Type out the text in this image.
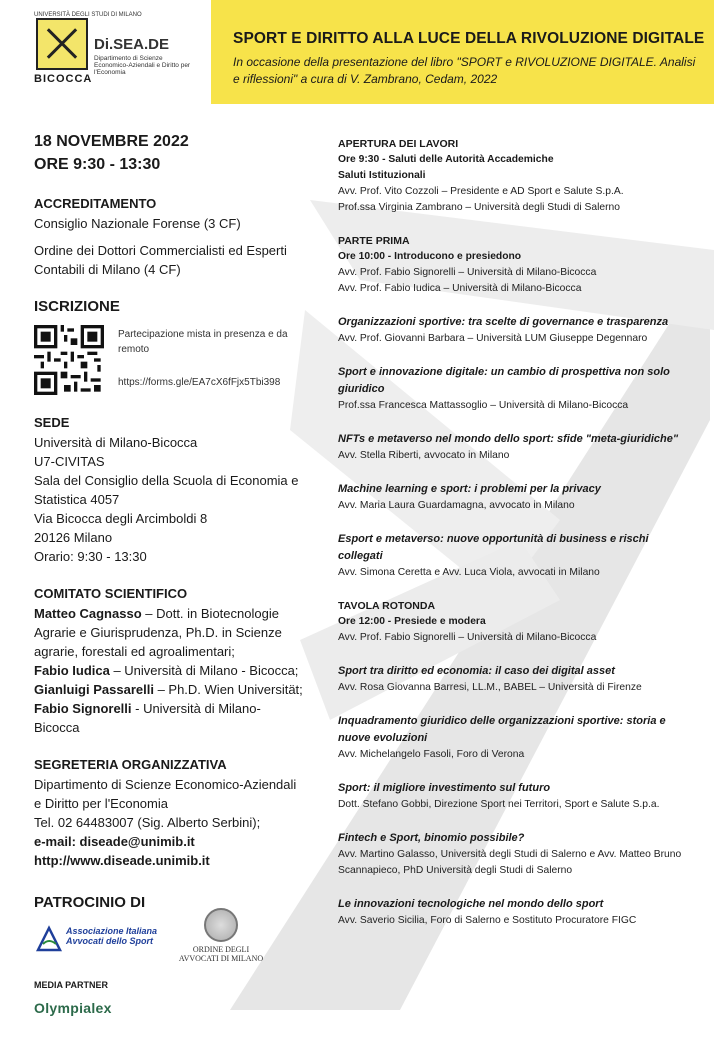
UNIVERSITÀ DEGLI STUDI DI MILANO
BICOCCA
Di.SEA.DE
Dipartimento di Scienze Economico-Aziendali e Diritto per l'Economia
SPORT E DIRITTO ALLA LUCE DELLA RIVOLUZIONE DIGITALE
In occasione della presentazione del libro "SPORT e RIVOLUZIONE DIGITALE. Analisi e riflessioni" a cura di V. Zambrano, Cedam, 2022
18 NOVEMBRE 2022
ORE 9:30 - 13:30
ACCREDITAMENTO

Consiglio Nazionale Forense (3 CF)

Ordine dei Dottori Commercialisti ed Esperti Contabili di Milano (4 CF)

ISCRIZIONE
Partecipazione mista in presenza e da remoto
https://forms.gle/EA7cX6fFjx5Tbi398
SEDE

Università di Milano-Bicocca

U7-CIVITAS

Sala del Consiglio della Scuola di Economia e Statistica 4057

Via Bicocca degli Arcimboldi 8

20126 Milano

Orario: 9:30 - 13:30

COMITATO SCIENTIFICO

Matteo Cagnasso – Dott. in Biotecnologie Agrarie e Giurisprudenza, Ph.D. in Scienze agrarie, forestali ed agroalimentari;

Fabio Iudica – Università di Milano - Bicocca;

Gianluigi Passarelli – Ph.D. Wien Universität;

Fabio Signorelli - Università di Milano-Bicocca

SEGRETERIA ORGANIZZATIVA

Dipartimento di Scienze Economico-Aziendali e Diritto per l'Economia

Tel. 02 64483007 (Sig. Alberto Serbini);

e-mail: diseade@unimib.it

http://www.diseade.unimib.it

PATROCINIO DI
Associazione Italiana Avvocati dello Sport
ORDINE DEGLI AVVOCATI DI MILANO
MEDIA PARTNER
Olympialex
APERTURA DEI LAVORI
Ore 9:30 - Saluti delle Autorità Accademiche
Saluti Istituzionali
Avv. Prof. Vito Cozzoli – Presidente e AD Sport e Salute S.p.A.
Prof.ssa Virginia Zambrano – Università degli Studi di Salerno
PARTE PRIMA
Ore 10:00 - Introducono e presiedono
Avv. Prof. Fabio Signorelli – Università di Milano-Bicocca
Avv. Prof. Fabio Iudica – Università di Milano-Bicocca
Organizzazioni sportive: tra scelte di governance e trasparenza
Avv. Prof. Giovanni Barbara – Università LUM Giuseppe Degennaro
Sport e innovazione digitale: un cambio di prospettiva non solo giuridico
Prof.ssa Francesca Mattassoglio – Università di Milano-Bicocca
NFTs e metaverso nel mondo dello sport: sfide "meta-giuridiche"
Avv. Stella Riberti, avvocato in Milano
Machine learning e sport: i problemi per la privacy
Avv. Maria Laura Guardamagna, avvocato in Milano
Esport e metaverso: nuove opportunità di business e rischi collegati
Avv. Simona Ceretta e Avv. Luca Viola, avvocati in Milano
TAVOLA ROTONDA
Ore 12:00 - Presiede e modera
Avv. Prof. Fabio Signorelli – Università di Milano-Bicocca
Sport tra diritto ed economia: il caso dei digital asset
Avv. Rosa Giovanna Barresi, LL.M., BABEL – Università di Firenze
Inquadramento giuridico delle organizzazioni sportive: storia e nuove evoluzioni
Avv. Michelangelo Fasoli, Foro di Verona
Sport: il migliore investimento sul futuro
Dott. Stefano Gobbi, Direzione Sport nei Territori, Sport e Salute S.p.a.
Fintech e Sport, binomio possibile?
Avv. Martino Galasso, Università degli Studi di Salerno e Avv. Matteo Bruno Scannapieco, PhD Università degli Studi di Salerno
Le innovazioni tecnologiche nel mondo dello sport
Avv. Saverio Sicilia, Foro di Salerno e Sostituto Procuratore FIGC
